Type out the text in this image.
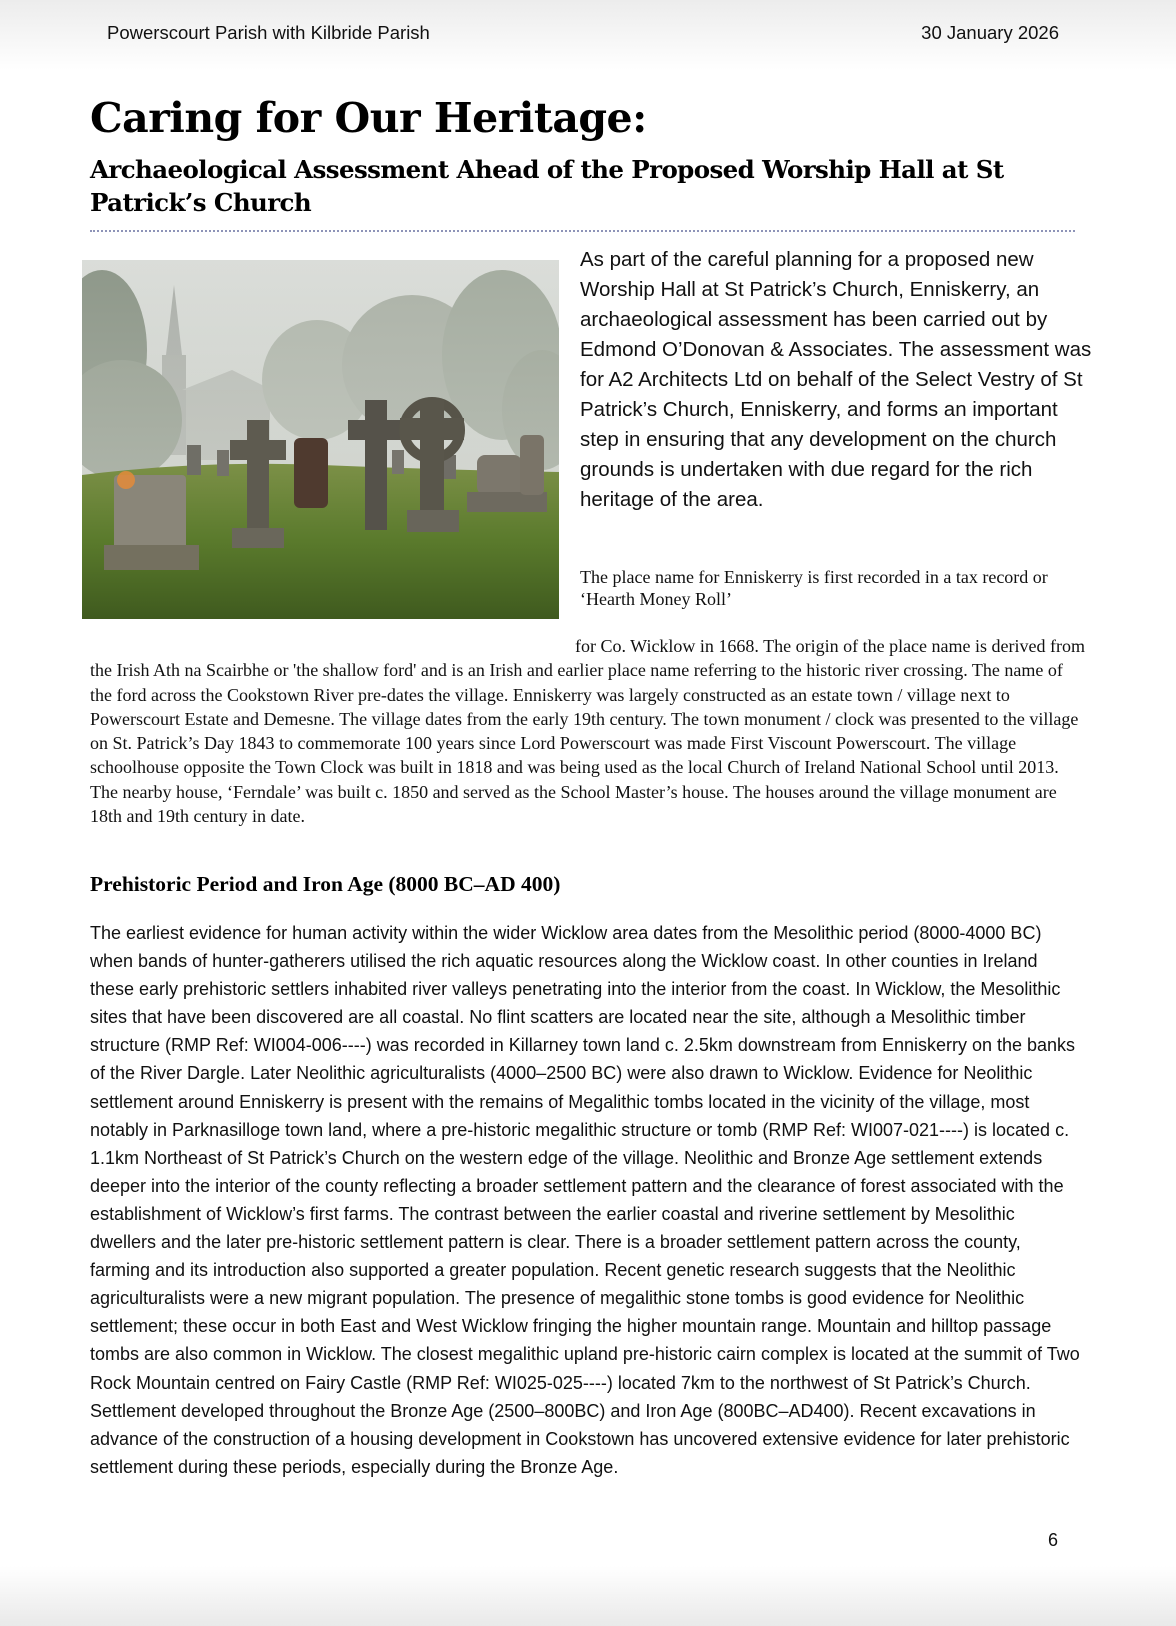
Powerscourt Parish with Kilbride Parish	30 January 2026
Caring for Our Heritage:
Archaeological Assessment Ahead of the Proposed Worship Hall at St Patrick’s Church

As part of the careful planning for a proposed new Worship Hall at St Patrick’s Church, Enniskerry, an archaeological assessment has been carried out by Edmond O’Donovan & Associates. The assessment was for A2 Architects Ltd on behalf of the Select Vestry of St Patrick’s Church, Enniskerry, and forms an important step in ensuring that any development on the church grounds is undertaken with due regard for the rich heritage of the area.

The place name for Enniskerry is first recorded in a tax record or ‘Hearth Money Roll’

for Co. Wicklow in 1668. The origin of the place name is derived from the Irish Ath na Scairbhe or 'the shallow ford' and is an Irish and earlier place name referring to the historic river crossing. The name of the ford across the Cookstown River pre-dates the village. Enniskerry was largely constructed as an estate town / village next to Powerscourt Estate and Demesne. The village dates from the early 19th century. The town monument / clock was presented to the village on St. Patrick’s Day 1843 to commemorate 100 years since Lord Powerscourt was made First Viscount Powerscourt. The village schoolhouse opposite the Town Clock was built in 1818 and was being used as the local Church of Ireland National School until 2013. The nearby house, ‘Ferndale’ was built c. 1850 and served as the School Master’s house. The houses around the village monument are 18th and 19th century in date.

Prehistoric Period and Iron Age (8000 BC–AD 400)

The earliest evidence for human activity within the wider Wicklow area dates from the Mesolithic period (8000-4000 BC) when bands of hunter-gatherers utilised the rich aquatic resources along the Wicklow coast. In other counties in Ireland these early prehistoric settlers inhabited river valleys penetrating into the interior from the coast. In Wicklow, the Mesolithic sites that have been discovered are all coastal. No flint scatters are located near the site, although a Mesolithic timber structure (RMP Ref: WI004-006----) was recorded in Killarney town land c. 2.5km downstream from Enniskerry on the banks of the River Dargle. Later Neolithic agriculturalists (4000–2500 BC) were also drawn to Wicklow. Evidence for Neolithic settlement around Enniskerry is present with the remains of Megalithic tombs located in the vicinity of the village, most notably in Parknasilloge town land, where a pre-historic megalithic structure or tomb (RMP Ref: WI007-021----) is located c. 1.1km Northeast of St Patrick’s Church on the western edge of the village. Neolithic and Bronze Age settlement extends deeper into the interior of the county reflecting a broader settlement pattern and the clearance of forest associated with the establishment of Wicklow’s first farms. The contrast between the earlier coastal and riverine settlement by Mesolithic dwellers and the later pre-historic settlement pattern is clear. There is a broader settlement pattern across the county, farming and its introduction also supported a greater population. Recent genetic research suggests that the Neolithic agriculturalists were a new migrant population. The presence of megalithic stone tombs is good evidence for Neolithic settlement; these occur in both East and West Wicklow fringing the higher mountain range. Mountain and hilltop passage tombs are also common in Wicklow. The closest megalithic upland pre-historic cairn complex is located at the summit of Two Rock Mountain centred on Fairy Castle (RMP Ref: WI025-025----) located 7km to the northwest of St Patrick’s Church. Settlement developed throughout the Bronze Age (2500–800BC) and Iron Age (800BC–AD400). Recent excavations in advance of the construction of a housing development in Cookstown has uncovered extensive evidence for later prehistoric settlement during these periods, especially during the Bronze Age.

6
